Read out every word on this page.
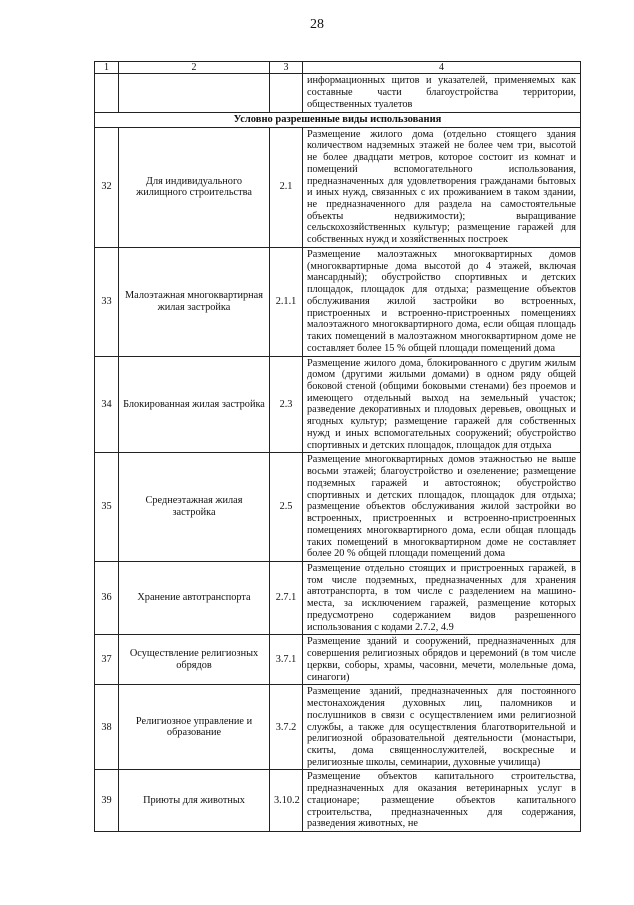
28
1	2	3	4
			информационных щитов и указателей, применяемых как составные части благоустройства территории, общественных туалетов
Условно разрешенные виды использования			
32	Для индивидуального жилищного строительства	2.1	Размещение жилого дома (отдельно стоящего здания количеством надземных этажей не более чем три, высотой не более двадцати метров, которое состоит из комнат и помещений вспомогательного использования, предназначенных для удовлетворения гражданами бытовых и иных нужд, связанных с их проживанием в таком здании, не предназначенного для раздела на самостоятельные объекты недвижимости); выращивание сельскохозяйственных культур; размещение гаражей для собственных нужд и хозяйственных построек
33	Малоэтажная многоквартирная жилая застройка	2.1.1	Размещение малоэтажных многоквартирных домов (многоквартирные дома высотой до 4 этажей, включая мансардный); обустройство спортивных и детских площадок, площадок для отдыха; размещение объектов обслуживания жилой застройки во встроенных, пристроенных и встроенно-пристроенных помещениях малоэтажного многоквартирного дома, если общая площадь таких помещений в малоэтажном многоквартирном доме не составляет более 15 % общей площади помещений дома
34	Блокированная жилая застройка	2.3	Размещение жилого дома, блокированного с другим жилым домом (другими жилыми домами) в одном ряду общей боковой стеной (общими боковыми стенами) без проемов и имеющего отдельный выход на земельный участок; разведение декоративных и плодовых деревьев, овощных и ягодных культур; размещение гаражей для собственных нужд и иных вспомогательных сооружений; обустройство спортивных и детских площадок, площадок для отдыха
35	Среднеэтажная жилая застройка	2.5	Размещение многоквартирных домов этажностью не выше восьми этажей; благоустройство и озеленение; размещение подземных гаражей и автостоянок; обустройство спортивных и детских площадок, площадок для отдыха; размещение объектов обслуживания жилой застройки во встроенных, пристроенных и встроенно-пристроенных помещениях многоквартирного дома, если общая площадь таких помещений в многоквартирном доме не составляет более 20 % общей площади помещений дома
36	Хранение автотранспорта	2.7.1	Размещение отдельно стоящих и пристроенных гаражей, в том числе подземных, предназначенных для хранения автотранспорта, в том числе с разделением на машино-места, за исключением гаражей, размещение которых предусмотрено содержанием видов разрешенного использования с кодами 2.7.2, 4.9
37	Осуществление религиозных обрядов	3.7.1	Размещение зданий и сооружений, предназначенных для совершения религиозных обрядов и церемоний (в том числе церкви, соборы, храмы, часовни, мечети, молельные дома, синагоги)
38	Религиозное управление и образование	3.7.2	Размещение зданий, предназначенных для постоянного местонахождения духовных лиц, паломников и послушников в связи с осуществлением ими религиозной службы, а также для осуществления благотворительной и религиозной образовательной деятельности (монастыри, скиты, дома священнослужителей, воскресные и религиозные школы, семинарии, духовные училища)
39	Приюты для животных	3.10.2	Размещение объектов капитального строительства, предназначенных для оказания ветеринарных услуг в стационаре; размещение объектов капитального строительства, предназначенных для содержания, разведения животных, не
